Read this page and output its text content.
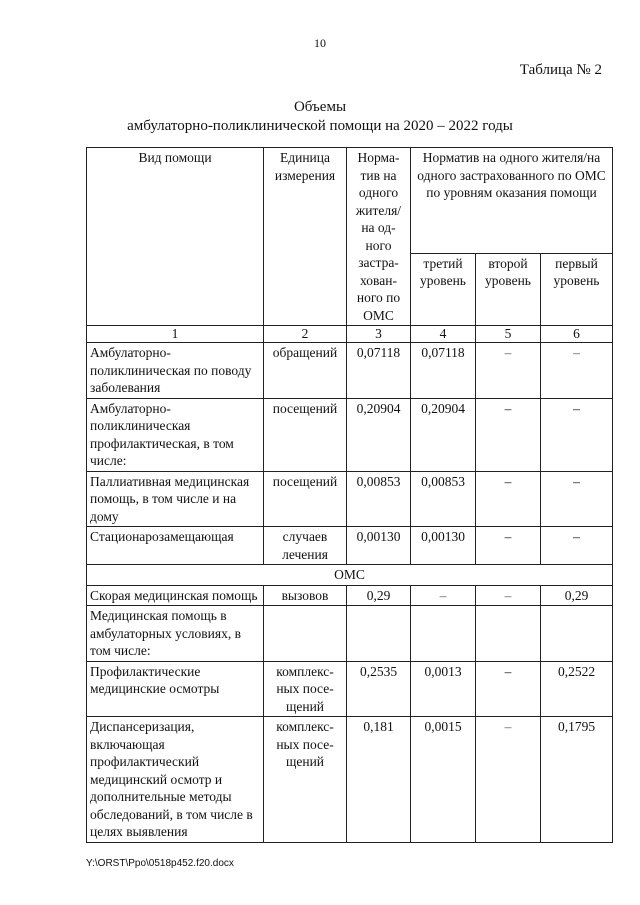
10
Таблица № 2
Объемы
амбулаторно-поликлинической помощи на 2020 – 2022 годы
Вид помощи	Единица измерения	Норма-тив на одного жителя/ на од-ного застра-хован-ного по ОМС	Норматив на одного жителя/на одного застрахованного по ОМС по уровням оказания помощи		
			третий уровень	второй уровень	первый уровень
1	2	3	4	5	6
Амбулаторно-поликлиническая по поводу заболевания	обращений	0,07118	0,07118	–	–
Амбулаторно-поликлиническая профилактическая, в том числе:	посещений	0,20904	0,20904	–	–
Паллиативная медицинская помощь, в том числе и на дому	посещений	0,00853	0,00853	–	–
Стационарозамещающая	случаев лечения	0,00130	0,00130	–	–
ОМС					
Скорая медицинская помощь	вызовов	0,29	–	–	0,29
Медицинская помощь в амбулаторных условиях, в том числе:					
Профилактические медицинские осмотры	комплекс-ных посе-щений	0,2535	0,0013	–	0,2522
Диспансеризация, включающая профилактический медицинский осмотр и дополнительные методы обследований, в том числе в целях выявления	комплекс-ных посе-щений	0,181	0,0015	–	0,1795
Y:\ORST\Ppo\0518p452.f20.docx
